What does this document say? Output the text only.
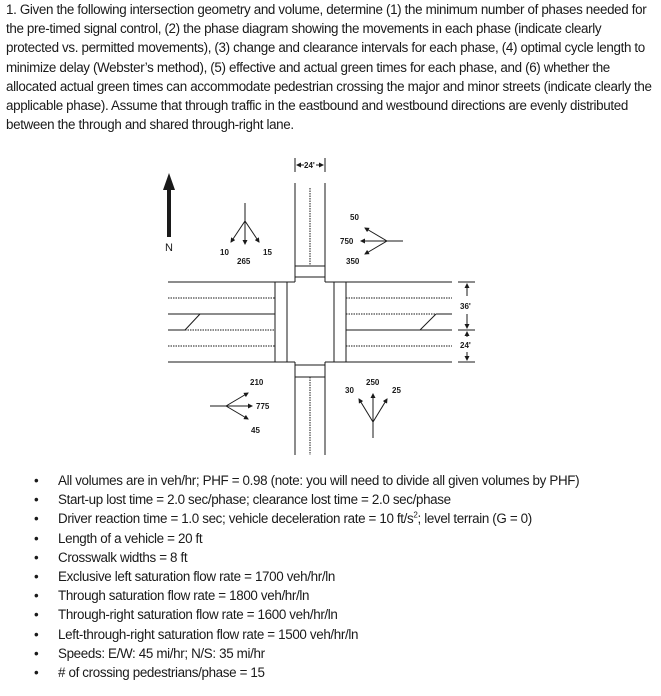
1. Given the following intersection geometry and volume, determine (1) the minimum number of phases needed for the pre-timed signal control, (2) the phase diagram showing the movements in each phase (indicate clearly protected vs. permitted movements), (3) change and clearance intervals for each phase, (4) optimal cycle length to minimize delay (Webster’s method), (5) effective and actual green times for each phase, and (6) whether the allocated actual green times can accommodate pedestrian crossing the major and minor streets (indicate clearly the applicable phase). Assume that through traffic in the eastbound and westbound directions are evenly distributed between the through and shared through-right lane.
N	10
265
15
50
750
350
24'
36'
24'
210
775
45
30
250
25
• All volumes are in veh/hr; PHF = 0.98 (note: you will need to divide all given volumes by PHF)
• Start-up lost time = 2.0 sec/phase; clearance lost time = 2.0 sec/phase
• Driver reaction time = 1.0 sec; vehicle deceleration rate = 10 $ft/s^2$; level terrain (G = 0)
• Length of a vehicle = 20 ft
• Crosswalk widths = 8 ft
• Exclusive left saturation flow rate = 1700 veh/hr/ln
• Through saturation flow rate = 1800 veh/hr/ln
• Through-right saturation flow rate = 1600 veh/hr/ln
• Left-through-right saturation flow rate = 1500 veh/hr/ln
• Speeds: E/W: 45 mi/hr; N/S: 35 mi/hr
• # of crossing pedestrians/phase = 15
